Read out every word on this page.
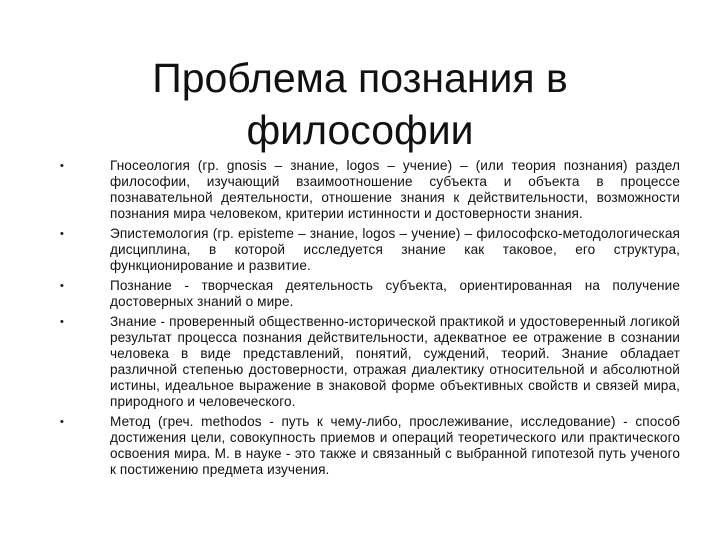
Проблема познания в философии
•	Гносеология (гр. gnosis – знание, logos – учение) – (или теория познания) раздел философии, изучающий взаимоотношение субъекта и объекта в процессе познавательной деятельности, отношение знания к действительности, возможности познания мира человеком, критерии истинности и достоверности знания.
•	Эпистемология (гр. episteme – знание, logos – учение) – философско-методологическая дисциплина, в которой исследуется знание как таковое, его структура, функционирование и развитие.
•	Познание - творческая деятельность субъекта, ориентированная на получение достоверных знаний о мире.
•	Знание - проверенный общественно-исторической практикой и удостоверенный логикой результат процесса познания действительности, адекватное ее отражение в сознании человека в виде представлений, понятий, суждений, теорий. Знание обладает различной степенью достоверности, отражая диалектику относительной и абсолютной истины, идеальное выражение в знаковой форме объективных свойств и связей мира, природного и человеческого.
•	Метод (греч. methodos - путь к чему-либо, прослеживание, исследование) - способ достижения цели, совокупность приемов и операций теоретического или практического освоения мира. М. в науке - это также и связанный с выбранной гипотезой путь ученого к постижению предмета изучения.
